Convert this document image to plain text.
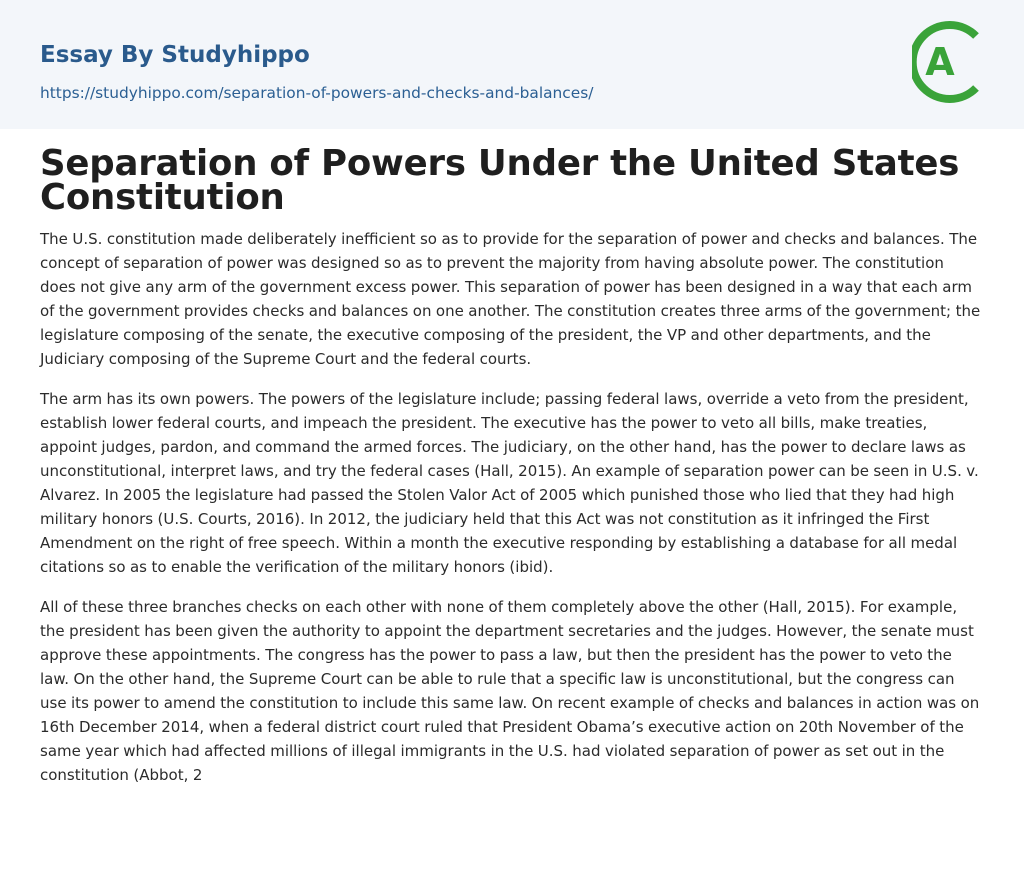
Essay By Studyhippo
https://studyhippo.com/separation-of-powers-and-checks-and-balances/
A
Separation of Powers Under the United States Constitution

The U.S. constitution made deliberately inefficient so as to provide for the separation of power and checks and balances. The concept of separation of power was designed so as to prevent the majority from having absolute power. The constitution does not give any arm of the government excess power. This separation of power has been designed in a way that each arm of the government provides checks and balances on one another. The constitution creates three arms of the government; the legislature composing of the senate, the executive composing of the president, the VP and other departments, and the Judiciary composing of the Supreme Court and the federal courts.

The arm has its own powers. The powers of the legislature include; passing federal laws, override a veto from the president, establish lower federal courts, and impeach the president. The executive has the power to veto all bills, make treaties, appoint judges, pardon, and command the armed forces. The judiciary, on the other hand, has the power to declare laws as unconstitutional, interpret laws, and try the federal cases (Hall, 2015). An example of separation power can be seen in U.S. v. Alvarez. In 2005 the legislature had passed the Stolen Valor Act of 2005 which punished those who lied that they had high military honors (U.S. Courts, 2016). In 2012, the judiciary held that this Act was not constitution as it infringed the First Amendment on the right of free speech. Within a month the executive responding by establishing a database for all medal citations so as to enable the verification of the military honors (ibid).

All of these three branches checks on each other with none of them completely above the other (Hall, 2015). For example, the president has been given the authority to appoint the department secretaries and the judges. However, the senate must approve these appointments. The congress has the power to pass a law, but then the president has the power to veto the law. On the other hand, the Supreme Court can be able to rule that a specific law is unconstitutional, but the congress can use its power to amend the constitution to include this same law. On recent example of checks and balances in action was on 16th December 2014, when a federal district court ruled that President Obama’s executive action on 20th November of the same year which had affected millions of illegal immigrants in the U.S. had violated separation of power as set out in the constitution (Abbot, 2
